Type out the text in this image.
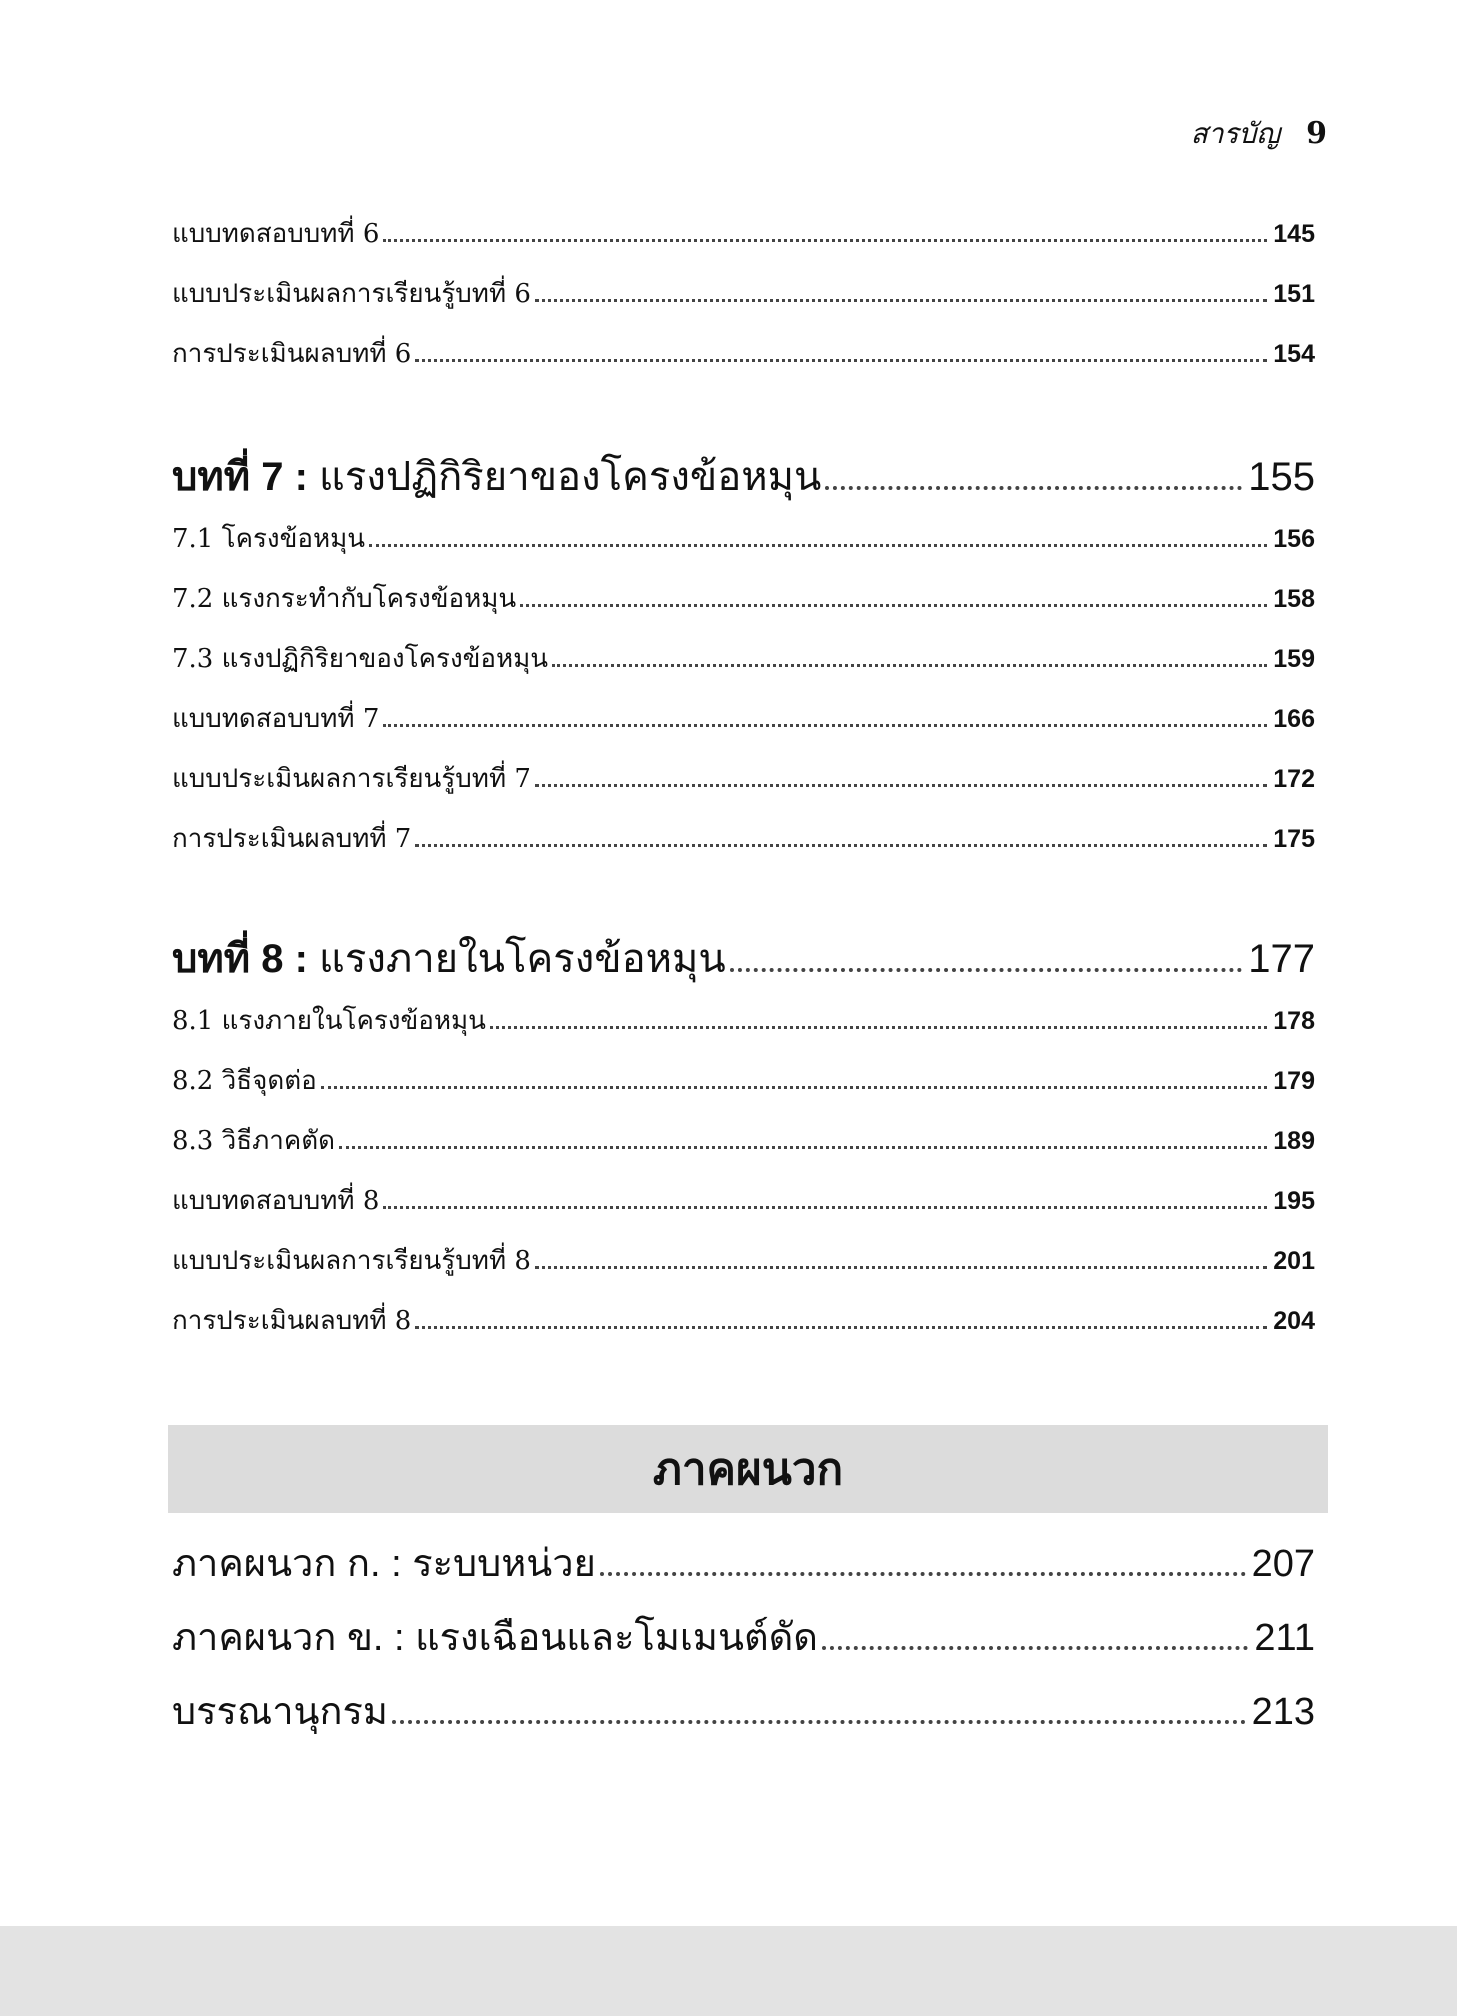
สารบัญ 9
แบบทดสอบบทที่ 6	145
แบบประเมินผลการเรียนรู้บทที่ 6	151
การประเมินผลบทที่ 6	154
บทที่ 7 : แรงปฏิกิริยาของโครงข้อหมุน	155
7.1 โครงข้อหมุน	156
7.2 แรงกระทำกับโครงข้อหมุน	158
7.3 แรงปฏิกิริยาของโครงข้อหมุน	159
แบบทดสอบบทที่ 7	166
แบบประเมินผลการเรียนรู้บทที่ 7	172
การประเมินผลบทที่ 7	175
บทที่ 8 : แรงภายในโครงข้อหมุน	177
8.1 แรงภายในโครงข้อหมุน	178
8.2 วิธีจุดต่อ	179
8.3 วิธีภาคตัด	189
แบบทดสอบบทที่ 8	195
แบบประเมินผลการเรียนรู้บทที่ 8	201
การประเมินผลบทที่ 8	204
ภาคผนวก
ภาคผนวก ก. : ระบบหน่วย	207
ภาคผนวก ข. : แรงเฉือนและโมเมนต์ดัด	211
บรรณานุกรม	213
